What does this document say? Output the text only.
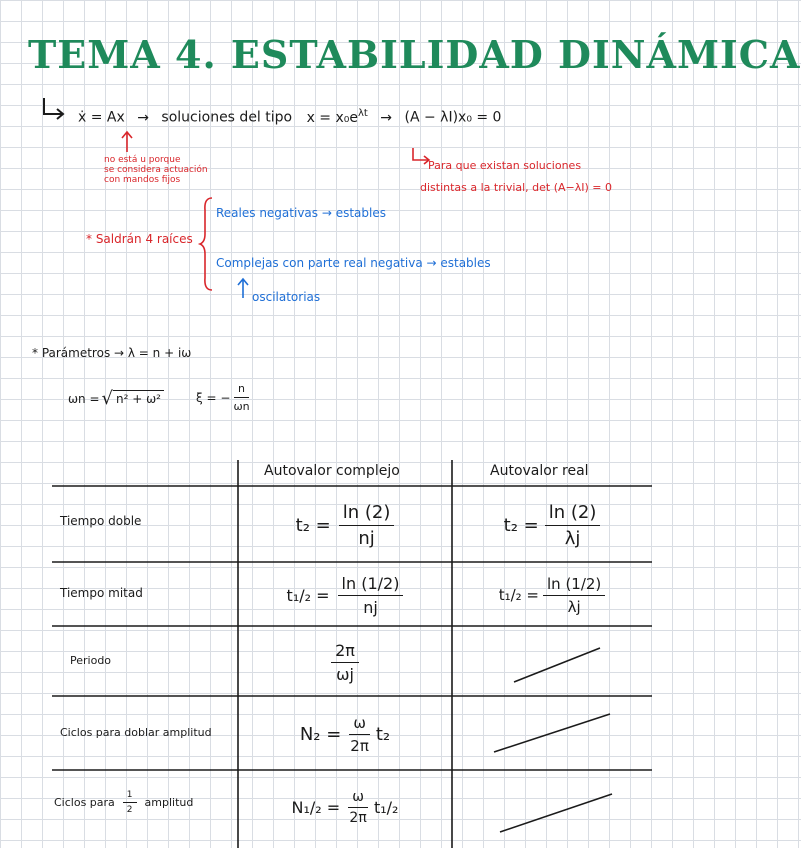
TEMA 4. ESTABILIDAD DINÁMICA
ẋ = Ax → soluciones del tipo $x = x_0e^{\lambda t} \to (A - \lambda I)x_0 = 0$
no está u porque
se considera actuación
con mandos fijos
Para que existan soluciones
distintas a la trivial, det (A−λI) = 0
* Saldrán 4 raíces
Reales negativas → estables
Complejas con parte real negativa → estables
oscilatorias
* Parámetros → λ = n + iω
ωn = √ n² + ω²	ξ = − $\frac{n}{\omega n}$
Autovalor complejo	Autovalor real
Tiempo doble	$t_2 = \frac{\ln (2)}{nj}$	$t_2 = \frac{\ln (2)}{\lambda j}$
Tiempo mitad	$t_1/_2 = \frac{\ln (1/2)}{nj}$	$t_1/_2 = \frac{\ln (1/2)}{\lambda j}$
Periodo	$\frac{2\pi}{\omega j}$
Ciclos para doblar amplitud	$N_2 = \frac{\omega}{2\pi} t_2$
Ciclos para $\frac{1}{2}$ amplitud	$N_1/_2 = \frac{\omega}{2\pi} t_1/_2$
